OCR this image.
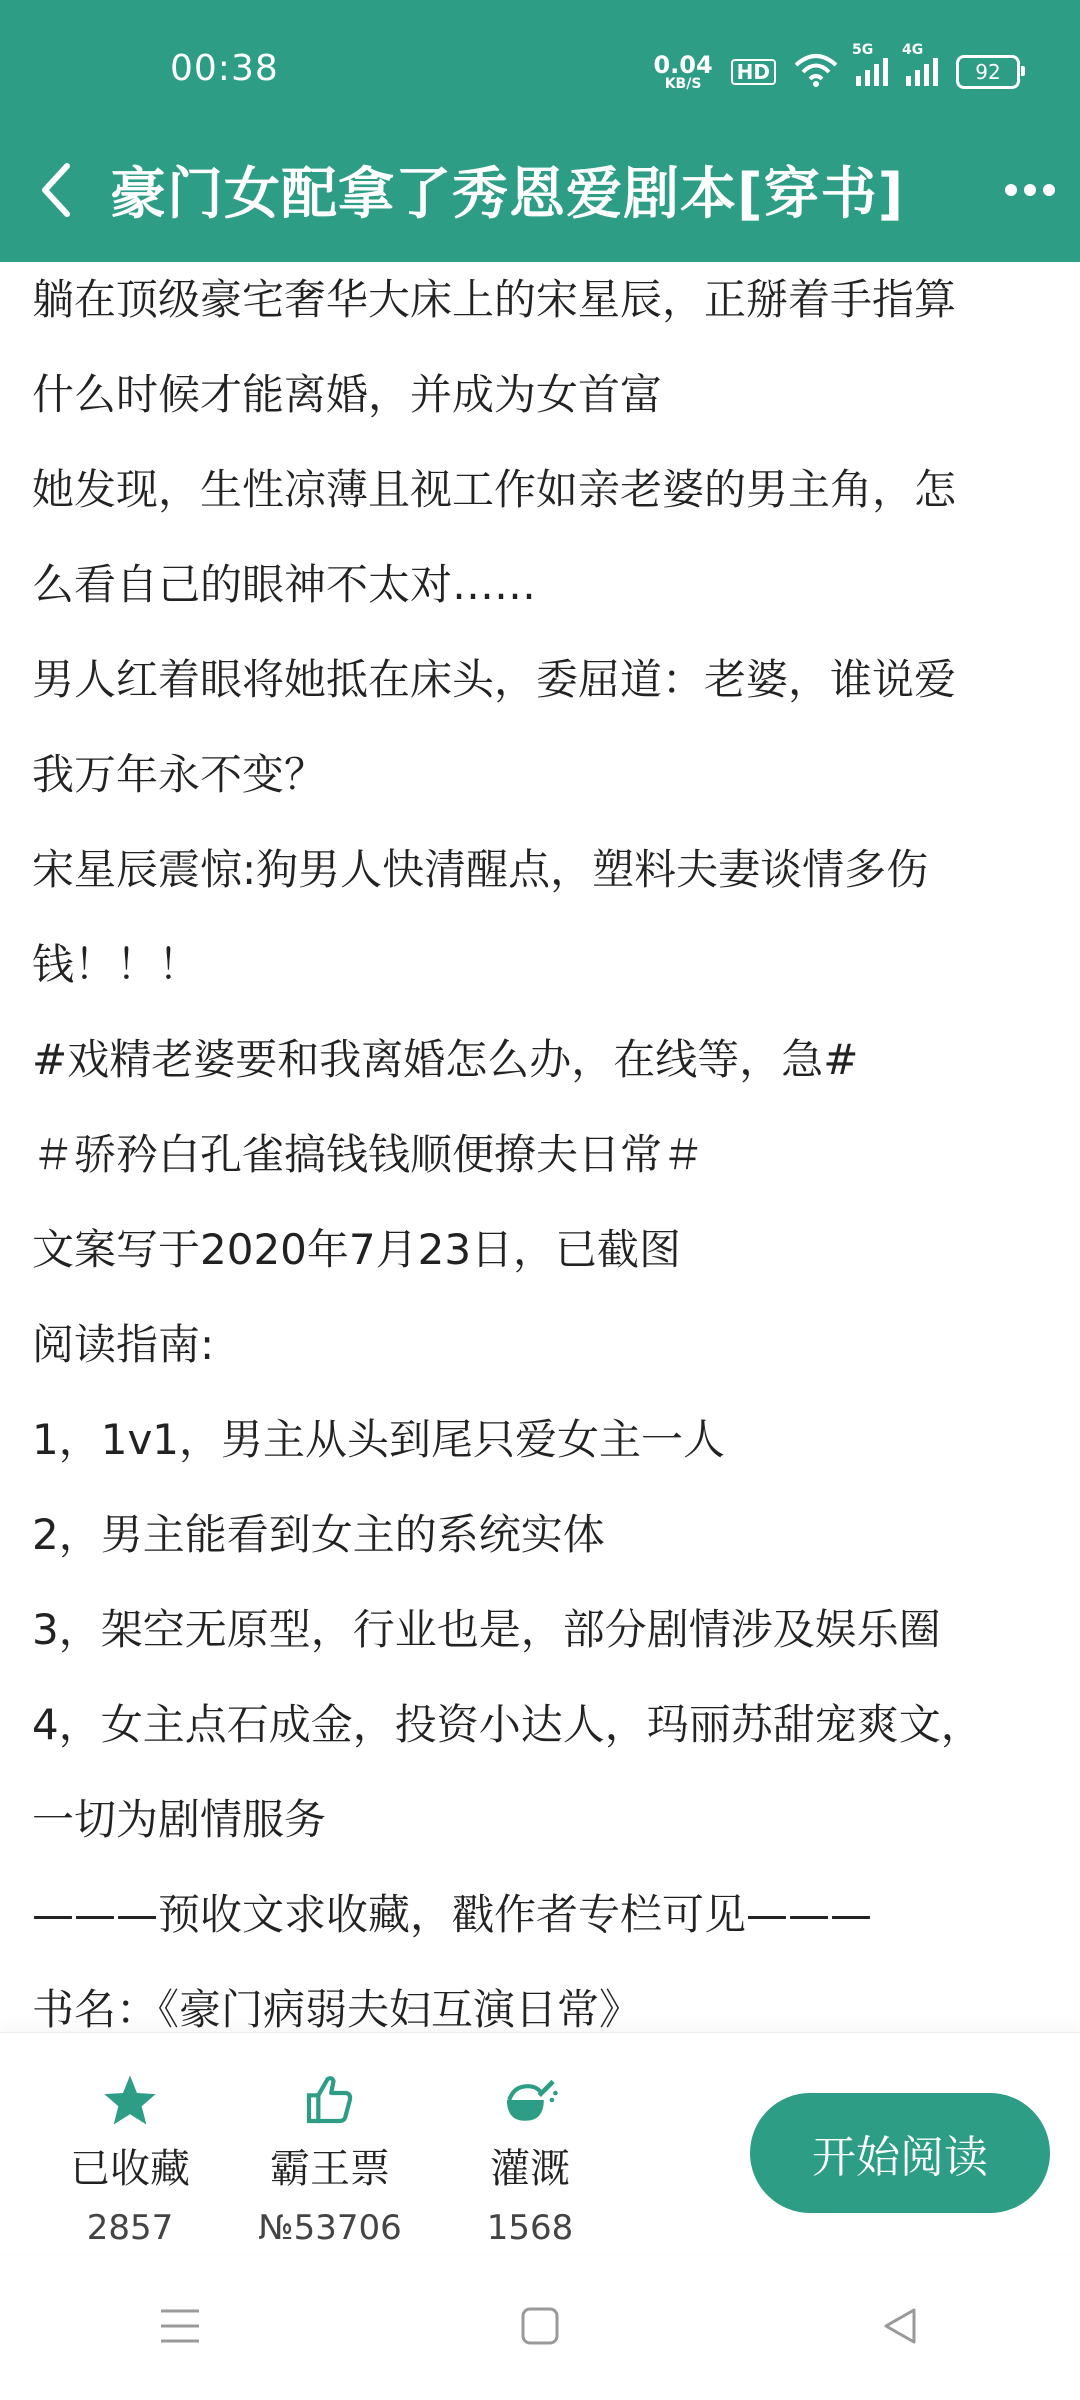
00:38	0.04
KB/S	HD
5G 4G
92
豪门女配拿了秀恩爱剧本[穿书]
躺在顶级豪宅奢华大床上的宋星辰，正掰着手指算
什么时候才能离婚，并成为女首富
她发现，生性凉薄且视工作如亲老婆的男主角，怎
么看自己的眼神不太对……
男人红着眼将她抵在床头，委屈道：老婆，谁说爱
我万年永不变？
宋星辰震惊:狗男人快清醒点，塑料夫妻谈情多伤
钱！！！
#戏精老婆要和我离婚怎么办，在线等，急#
＃骄矜白孔雀搞钱钱顺便撩夫日常＃
文案写于2020年7月23日，已截图
阅读指南:
1，1v1，男主从头到尾只爱女主一人
2，男主能看到女主的系统实体
3，架空无原型，行业也是，部分剧情涉及娱乐圈
4，女主点石成金，投资小达人，玛丽苏甜宠爽文，
一切为剧情服务
———预收文求收藏，戳作者专栏可见———
书名：《豪门病弱夫妇互演日常》
已收藏
2857
霸王票
№53706
灌溉
1568
开始阅读
